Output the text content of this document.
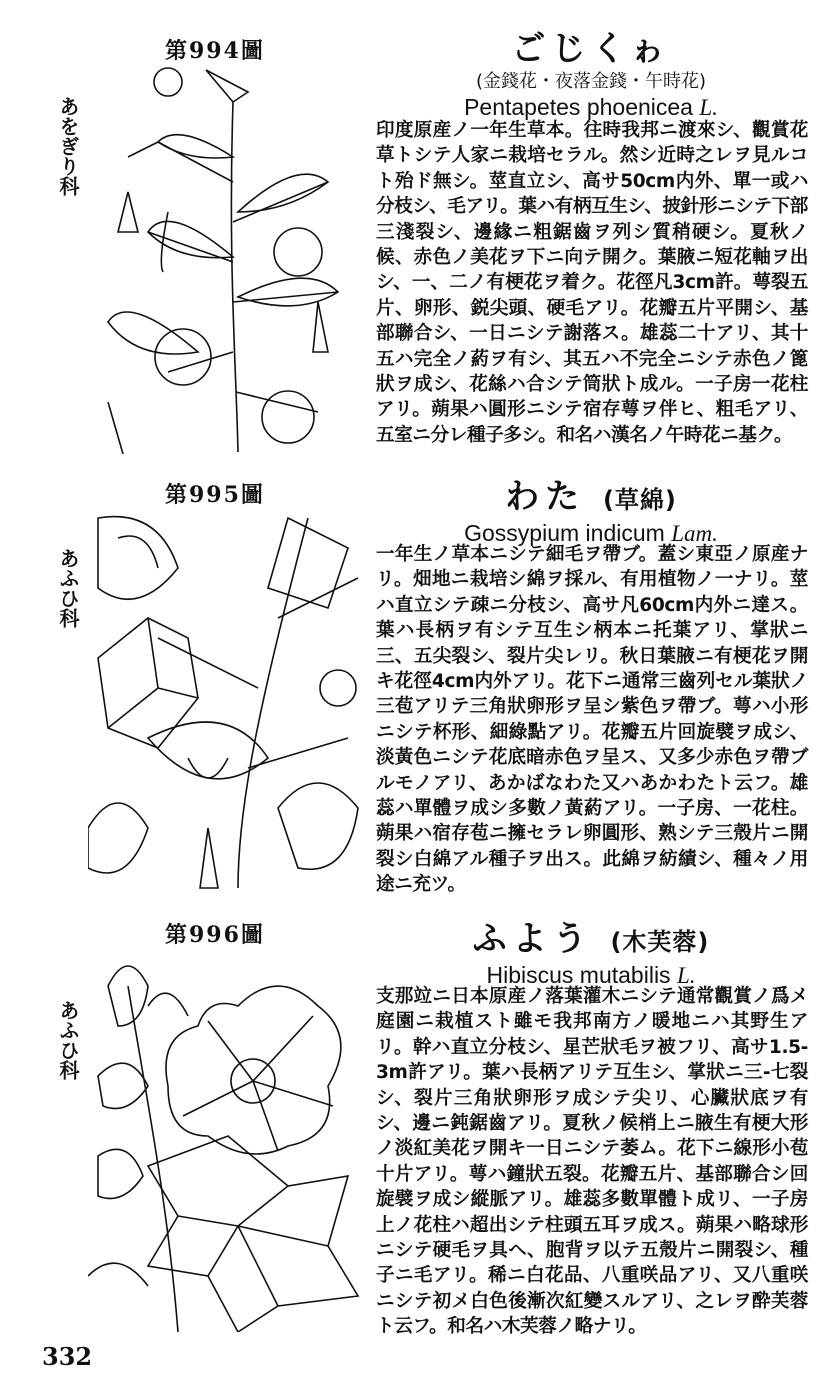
第994圖
あをぎり科
ごじくゎ
(金錢花・夜落金錢・午時花)
Pentapetes phoenicea L.
印度原産ノ一年生草本。往時我邦ニ渡來シ、觀賞花草トシテ人家ニ栽培セラル。然シ近時之レヲ見ルコト殆ド無シ。莖直立シ、高サ50cm内外、單一或ハ分枝シ、毛アリ。葉ハ有柄互生シ、披針形ニシテ下部三淺裂シ、邊緣ニ粗鋸齒ヲ列シ質稍硬シ。夏秋ノ候、赤色ノ美花ヲ下ニ向テ開ク。葉腋ニ短花軸ヲ出シ、一、二ノ有梗花ヲ着ク。花徑凡3cm許。萼裂五片、卵形、鋭尖頭、硬毛アリ。花瓣五片平開シ、基部聯合シ、一日ニシテ謝落ス。雄蕊二十アリ、其十五ハ完全ノ葯ヲ有シ、其五ハ不完全ニシテ赤色ノ篦狀ヲ成シ、花絲ハ合シテ筒狀ト成ル。一子房一花柱アリ。蒴果ハ圓形ニシテ宿存萼ヲ伴ヒ、粗毛アリ、五室ニ分レ種子多シ。和名ハ漢名ノ午時花ニ基ク。
第995圖
あふひ科
わた (草綿)
Gossypium indicum Lam.
一年生ノ草本ニシテ細毛ヲ帶ブ。蓋シ東亞ノ原産ナリ。畑地ニ栽培シ綿ヲ採ル、有用植物ノ一ナリ。莖ハ直立シテ疎ニ分枝シ、高サ凡60cm内外ニ達ス。葉ハ長柄ヲ有シテ互生シ柄本ニ托葉アリ、掌狀ニ三、五尖裂シ、裂片尖レリ。秋日葉腋ニ有梗花ヲ開キ花徑4cm内外アリ。花下ニ通常三齒列セル葉狀ノ三苞アリテ三角狀卵形ヲ呈シ紫色ヲ帶ブ。萼ハ小形ニシテ杯形、細綠點アリ。花瓣五片回旋襞ヲ成シ、淡黃色ニシテ花底暗赤色ヲ呈ス、又多少赤色ヲ帶ブルモノアリ、あかばなわた又ハあかわたト云フ。雄蕊ハ單體ヲ成シ多數ノ黃葯アリ。一子房、一花柱。蒴果ハ宿存苞ニ擁セラレ卵圓形、熟シテ三殼片ニ開裂シ白綿アル種子ヲ出ス。此綿ヲ紡績シ、種々ノ用途ニ充ツ。
第996圖
あふひ科
ふよう (木芙蓉)
Hibiscus mutabilis L.
支那竝ニ日本原産ノ落葉灌木ニシテ通常觀賞ノ爲メ庭園ニ栽植スト雖モ我邦南方ノ暖地ニハ其野生アリ。幹ハ直立分枝シ、星芒狀毛ヲ被フリ、高サ1.5-3m許アリ。葉ハ長柄アリテ互生シ、掌狀ニ三-七裂シ、裂片三角狀卵形ヲ成シテ尖リ、心臟狀底ヲ有シ、邊ニ鈍鋸齒アリ。夏秋ノ候梢上ニ腋生有梗大形ノ淡紅美花ヲ開キ一日ニシテ萎ム。花下ニ線形小苞十片アリ。萼ハ鐘狀五裂。花瓣五片、基部聯合シ回旋襞ヲ成シ縱脈アリ。雄蕊多數單體ト成リ、一子房上ノ花柱ハ超出シテ柱頭五耳ヲ成ス。蒴果ハ略球形ニシテ硬毛ヲ具ヘ、胞背ヲ以テ五殼片ニ開裂シ、種子ニ毛アリ。稀ニ白花品、八重咲品アリ、又八重咲ニシテ初メ白色後漸次紅變スルアリ、之レヲ酔芙蓉ト云フ。和名ハ木芙蓉ノ略ナリ。
332
